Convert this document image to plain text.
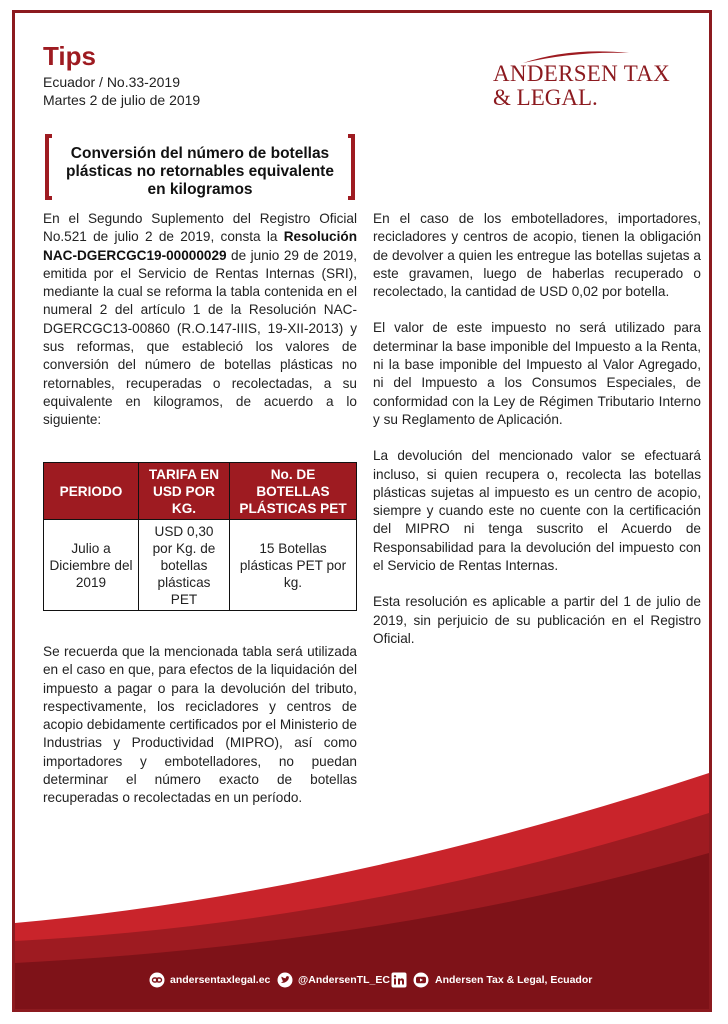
Tips
Ecuador / No.33-2019
Martes 2 de julio de 2019
ANDERSEN TAX
& LEGAL.
Conversión del número de botellas plásticas no retornables equivalente en kilogramos

En el Segundo Suplemento del Registro Oficial No.521 de julio 2 de 2019, consta la Resolución NAC-DGERCGC19-00000029 de junio 29 de 2019, emitida por el Servicio de Rentas Internas (SRI), mediante la cual se reforma la tabla contenida en el numeral 2 del artículo 1 de la Resolución NAC-DGERCGC13-00860 (R.O.147-IIIS, 19-XII-2013) y sus reformas, que estableció los valores de conversión del número de botellas plásticas no retornables, recuperadas o recolectadas, a su equivalente en kilogramos, de acuerdo a lo siguiente:

PERIODO	TARIFA EN USD POR KG.	No. DE BOTELLAS PLÁSTICAS PET
Julio a Diciembre del 2019	USD 0,30 por Kg. de botellas plásticas PET	15 Botellas plásticas PET por kg.

Se recuerda que la mencionada tabla será utilizada en el caso en que, para efectos de la liquidación del impuesto a pagar o para la devolución del tributo, respectivamente, los recicladores y centros de acopio debidamente certificados por el Ministerio de Industrias y Productividad (MIPRO), así como importadores y embotelladores, no puedan determinar el número exacto de botellas recuperadas o recolectadas en un período.

En el caso de los embotelladores, importadores, recicladores y centros de acopio, tienen la obligación de devolver a quien les entregue las botellas sujetas a este gravamen, luego de haberlas recuperado o recolectado, la cantidad de USD 0,02 por botella.

El valor de este impuesto no será utilizado para determinar la base imponible del Impuesto a la Renta, ni la base imponible del Impuesto al Valor Agregado, ni del Impuesto a los Consumos Especiales, de conformidad con la Ley de Régimen Tributario Interno y su Reglamento de Aplicación.

La devolución del mencionado valor se efectuará incluso, si quien recupera o, recolecta las botellas plásticas sujetas al impuesto es un centro de acopio, siempre y cuando este no cuente con la certificación del MIPRO ni tenga suscrito el Acuerdo de Responsabilidad para la devolución del impuesto con el Servicio de Rentas Internas.

Esta resolución es aplicable a partir del 1 de julio de 2019, sin perjuicio de su publicación en el Registro Oficial.

andersentaxlegal.ec	@AndersenTL_EC	Andersen Tax & Legal, Ecuador
